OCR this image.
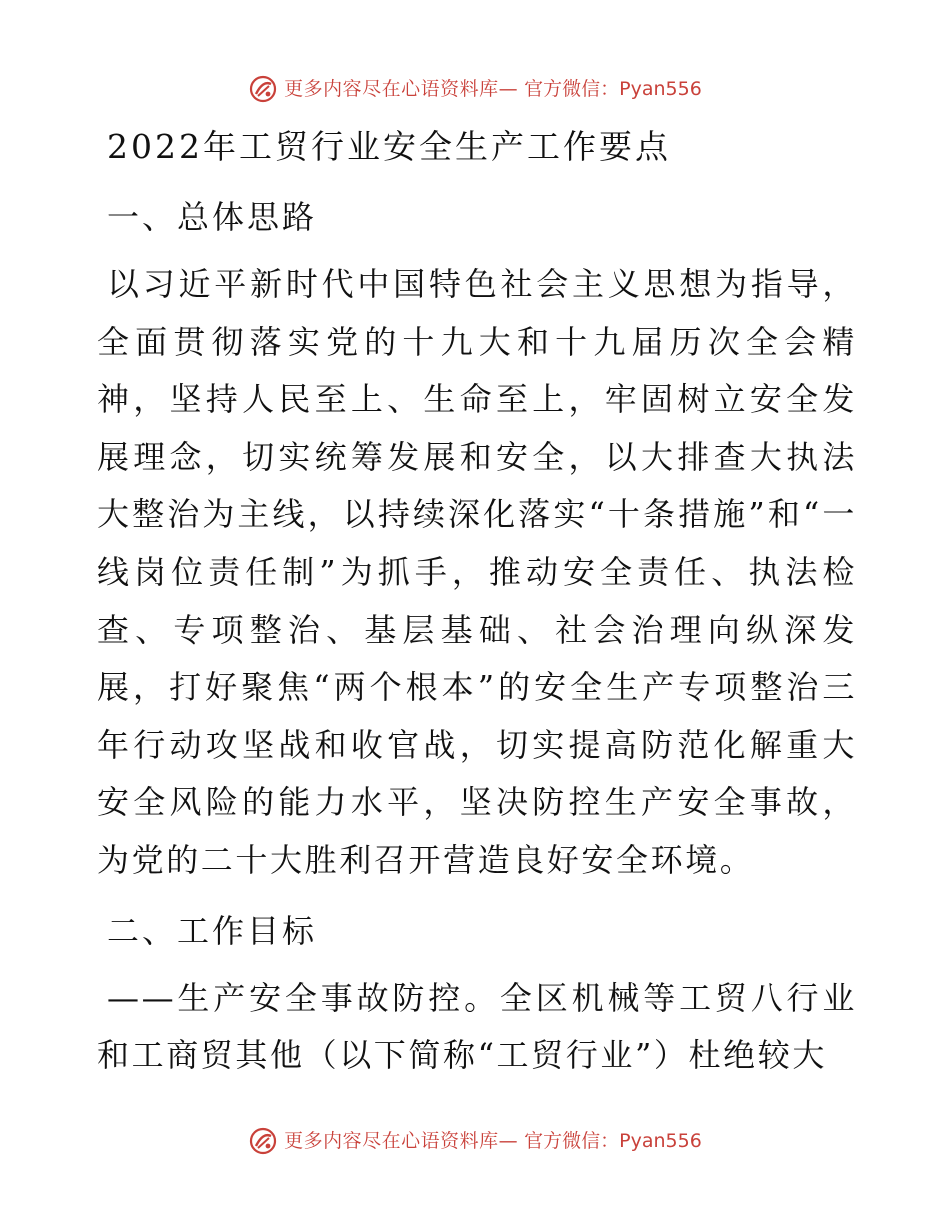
更多内容尽在心语资料库— 官方微信：Pyan556
2022年工贸行业安全生产工作要点
一、总体思路

以习近平新时代中国特色社会主义思想为指导，全面贯彻落实党的十九大和十九届历次全会精神，坚持人民至上、生命至上，牢固树立安全发展理念，切实统筹发展和安全，以大排查大执法大整治为主线，以持续深化落实“十条措施”和“一线岗位责任制”为抓手，推动安全责任、执法检查、专项整治、基层基础、社会治理向纵深发展，打好聚焦“两个根本”的安全生产专项整治三年行动攻坚战和收官战，切实提高防范化解重大安全风险的能力水平，坚决防控生产安全事故，为党的二十大胜利召开营造良好安全环境。

二、工作目标

——生产安全事故防控。全区机械等工贸八行业和工商贸其他（以下简称“工贸行业”）杜绝较大

更多内容尽在心语资料库— 官方微信：Pyan556
